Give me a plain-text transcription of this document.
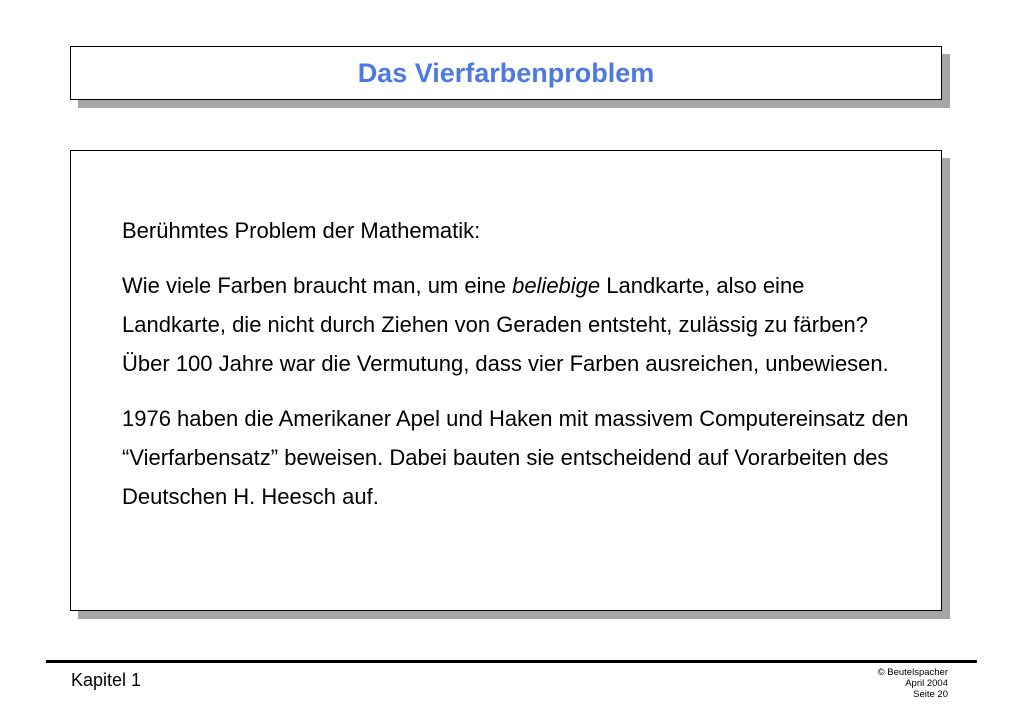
Das Vierfarbenproblem

Berühmtes Problem der Mathematik:

Wie viele Farben braucht man, um eine beliebige Landkarte, also eine Landkarte, die nicht durch Ziehen von Geraden entsteht, zulässig zu färben? Über 100 Jahre war die Vermutung, dass vier Farben ausreichen, unbewiesen.

1976 haben die Amerikaner Apel und Haken mit massivem Computereinsatz den “Vierfarbensatz” beweisen. Dabei bauten sie entscheidend auf Vorarbeiten des Deutschen H. Heesch auf.

Kapitel 1	© Beutelspacher
April 2004
Seite 20
